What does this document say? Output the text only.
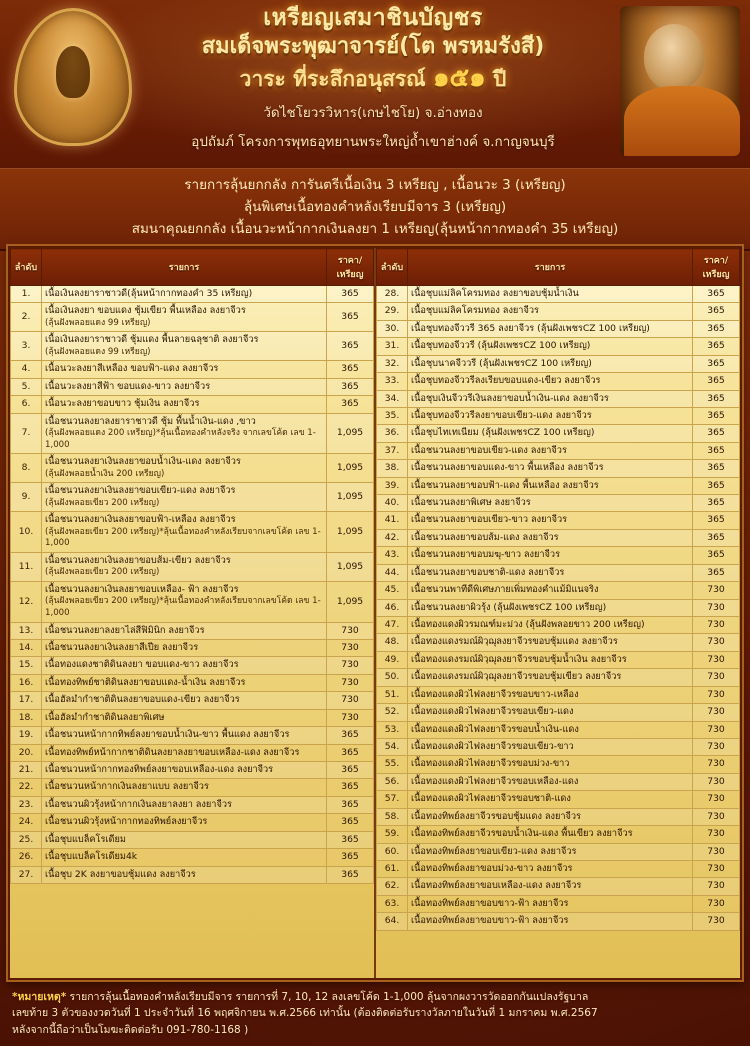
เหรียญเสมาชินบัญชร
สมเด็จพระพุฒาจารย์(โต พรหมรังสี)
วาระ ที่ระลึกอนุสรณ์ ๑๕๑ ปี
วัดไชโยวรวิหาร(เกษไชโย) จ.อ่างทอง
อุปถัมภ์ โครงการพุทธอุทยานพระใหญ่ถ้ำเขาฮ่างค์ จ.กาญจนบุรี
รายการลุ้นยกกลัง การันตรีเนื้อเงิน 3 เหรียญ , เนื้อนวะ 3 (เหรียญ)
ลุ้นพิเศษเนื้อทองคำหลังเรียบมีจาร 3 (เหรียญ)
สมนาคุณยกกลัง เนื้อนวะหน้ากากเงินลงยา 1 เหรียญ(ลุ้นหน้ากากทองคำ 35 เหรียญ)
ลำดับ	รายการ	ราคา/เหรียญ
1.	เนื้อเงินลงยาราชาวดี(ลุ้นหน้ากากทองคำ 35 เหรียญ)	365
2.	เนื้อเงินลงยา ขอบแดง ชุ้มเขียว พื้นเหลือง ลงยาจีวร
(ลุ้นฝังพลอยแดง 99 เหรียญ)	365
3.	เนื้อเงินลงยาราชาวดี ชุ้มแดง พื้นลายฉลุชาติ ลงยาจีวร
(ลุ้นฝังพลอยแดง 99 เหรียญ)	365
4.	เนื้อนวะลงยาสีเหลือง ขอบฟ้า-แดง ลงยาจีวร	365
5.	เนื้อนวะลงยาสีฟ้า ขอบแดง-ขาว ลงยาจีวร	365
6.	เนื้อนวะลงยาขอบขาว ชุ้มเงิน ลงยาจีวร	365
7.	เนื้อชนวนลงยาลงยาราชาวดี ชุ้ม พื้นน้ำเงิน-แดง ,ขาว
(ลุ้นฝังพลอยแดง 200 เหรียญ)*ลุ้นเนื้อทองคำหลังจริง จากเลขโค้ด เลข 1-1,000	1,095
8.	เนื้อชนวนลงยาเงินลงยาขอบน้ำเงิน-แดง ลงยาจีวร
(ลุ้นฝังพลอยน้ำเงิน 200 เหรียญ)	1,095
9.	เนื้อชนวนลงยาเงินลงยาขอบเขียว-แดง ลงยาจีวร
(ลุ้นฝังพลอยเขียว 200 เหรียญ)	1,095
10.	เนื้อชนวนลงยาเงินลงยาขอบฟ้า-เหลือง ลงยาจีวร
(ลุ้นฝังพลอยเขียว 200 เหรียญ)*ลุ้นเนื้อทองคำหลังเรียบจากเลขโค้ด เลข 1-1,000	1,095
11.	เนื้อชนวนลงยาเงินลงยาขอบส้ม-เขียว ลงยาจีวร
(ลุ้นฝังพลอยเขียว 200 เหรียญ)	1,095
12.	เนื้อชนวนลงยาเงินลงยาขอบเหลือง- ฟ้า ลงยาจีวร
(ลุ้นฝังพลอยเขียว 200 เหรียญ)*ลุ้นเนื้อทองคำหลังเรียบจากเลขโค้ด เลข 1-1,000	1,095
13.	เนื้อชนวนลงยาลงยาไล่สีฟิมินิก ลงยาจีวร	730
14.	เนื้อชนวนลงยาเงินลงยาสีเปีย ลงยาจีวร	730
15.	เนื้อทองแดงชาติดินลงยา ขอบแดง-ขาว ลงยาจีวร	730
16.	เนื้อทองทิพย์ชาติดินลงยาขอบแดง-น้ำเงิน ลงยาจีวร	730
17.	เนื้อฮัลมำกำชาติดินลงยาขอบแดง-เขียว ลงยาจีวร	730
18.	เนื้อฮัลมำกำชาติดินลงยาพิเศษ	730
19.	เนื้อชนวนหน้ากากทิพย์ลงยาขอบน้ำเงิน-ขาว พื้นแดง ลงยาจีวร	365
20.	เนื้อทองทิพย์หน้ากากชาติดินลงยาลงยาขอบเหลือง-แดง ลงยาจีวร	365
21.	เนื้อชนวนหน้ากากทองทิพย์ลงยาขอบเหลือง-แดง ลงยาจีวร	365
22.	เนื้อชนวนหน้ากากเงินลงยาแบบ ลงยาจีวร	365
23.	เนื้อชนวนผิวรุ้งหน้ากากเงินลงยาลงยา ลงยาจีวร	365
24.	เนื้อชนวนผิวรุ้งหน้ากากทองทิพย์ลงยาจีวร	365
25.	เนื้อชุบแบล็คโรเดียม	365
26.	เนื้อชุบแบล็คโรเดียม4k	365
27.	เนื้อชุบ 2K ลงยาขอบชุ้มแดง ลงยาจีวร	365
ลำดับ	รายการ	ราคา/เหรียญ
28.	เนื้อชุบแม่ลิคโครมทอง ลงยาขอบชุ้มน้ำเงิน	365
29.	เนื้อชุบแม่ลิคโครมทอง ลงยาจีวร	365
30.	เนื้อชุบทองจีววรี 365 ลงยาจีวร (ลุ้นฝังเพชรCZ 100 เหรียญ)	365
31.	เนื้อชุบทองจีววรี (ลุ้นฝังเพชรCZ 100 เหรียญ)	365
32.	เนื้อชุบนาคจีววรี (ลุ้นฝังเพชรCZ 100 เหรียญ)	365
33.	เนื้อชุบทองจีววรีลงเรียบขอบแดง-เขียว ลงยาจีวร	365
34.	เนื้อชุบเงินจีววรีเงินลงยาขอบน้ำเงิน-แดง ลงยาจีวร	365
35.	เนื้อชุบทองจีววรีลงยาขอบเขียว-แดง ลงยาจีวร	365
36.	เนื้อชุบไทเทเนียม (ลุ้นฝังเพชรCZ 100 เหรียญ)	365
37.	เนื้อชนวนลงยาขอบเขียว-แดง ลงยาจีวร	365
38.	เนื้อชนวนลงยาขอบแดง-ขาว พื้นเหลือง ลงยาจีวร	365
39.	เนื้อชนวนลงยาขอบฟ้า-แดง พื้นเหลือง ลงยาจีวร	365
40.	เนื้อชนวนลงยาพิเศษ ลงยาจีวร	365
41.	เนื้อชนวนลงยาขอบเขียว-ขาว ลงยาจีวร	365
42.	เนื้อชนวนลงยาขอบส้ม-แดง ลงยาจีวร	365
43.	เนื้อชนวนลงยาขอบมฆุ-ขาว ลงยาจีวร	365
44.	เนื้อชนวนลงยาขอบชาติ-แดง ลงยาจีวร	365
45.	เนื้อชนวนพาทีดีพิเศษภายเพิ่มทองคำแม้มิแนจริง	730
46.	เนื้อชนวนลงยาผิวรุ้ง (ลุ้นฝังเพชรCZ 100 เหรียญ)	730
47.	เนื้อทองแดงผิวรมณฑ์มะม่วง (ลุ้นฝังพลอยขาว 200 เหรียญ)	730
48.	เนื้อทองแดงรมณ์ผิวฺฌุลงยาจีวรขอบชุ้มแดง ลงยาจีวร	730
49.	เนื้อทองแดงรมณ์ผิวฺฌุลงยาจีวรขอบชุ้มน้ำเงิน ลงยาจีวร	730
50.	เนื้อทองแดงรมณ์ผิวฺฌุลงยาจีวรขอบชุ้มเขียว ลงยาจีวร	730
51.	เนื้อทองแดงผิวไฟลงยาจีวรขอบขาว-เหลือง	730
52.	เนื้อทองแดงผิวไฟลงยาจีวรขอบเขียว-แดง	730
53.	เนื้อทองแดงผิวไฟลงยาจีวรขอบน้ำเงิน-แดง	730
54.	เนื้อทองแดงผิวไฟลงยาจีวรขอบเขียว-ขาว	730
55.	เนื้อทองแดงผิวไฟลงยาจีวรขอบม่วง-ขาว	730
56.	เนื้อทองแดงผิวไฟลงยาจีวรขอบเหลือง-แดง	730
57.	เนื้อทองแดงผิวไฟลงยาจีวรขอบชาติ-แดง	730
58.	เนื้อทองทิพย์ลงยาจีวรขอบชุ้มแดง ลงยาจีวร	730
59.	เนื้อทองทิพย์ลงยาจีวรขอบน้ำเงิน-แดง พื้นเขียว ลงยาจีวร	730
60.	เนื้อทองทิพย์ลงยาขอบเขียว-แดง ลงยาจีวร	730
61.	เนื้อทองทิพย์ลงยาขอบม่วง-ขาว ลงยาจีวร	730
62.	เนื้อทองทิพย์ลงยาขอบเหลือง-แดง ลงยาจีวร	730
63.	เนื้อทองทิพย์ลงยาขอบขาว-ฟ้า ลงยาจีวร	730
64.	เนื้อทองทิพย์ลงยาขอบขาว-ฟ้า ลงยาจีวร	730
*หมายเหตุ* รายการลุ้นเนื้อทองคำหลังเรียบมีจาร รายการที่ 7, 10, 12 ลงเลขโค้ด 1-1,000 ลุ้นจากผงวารวัดออกกันแปลงรัฐบาล
เลขท้าย 3 ตัวของงวดวันที่ 1 ประจำวันที่ 16 พฤศจิกายน พ.ศ.2566 เท่านั้น (ต้องติดต่อรับรางวัลภายในวันที่ 1 มกราคม พ.ศ.2567
หลังจากนี้ถือว่าเป็นโมฆะติดต่อรับ 091-780-1168 )
